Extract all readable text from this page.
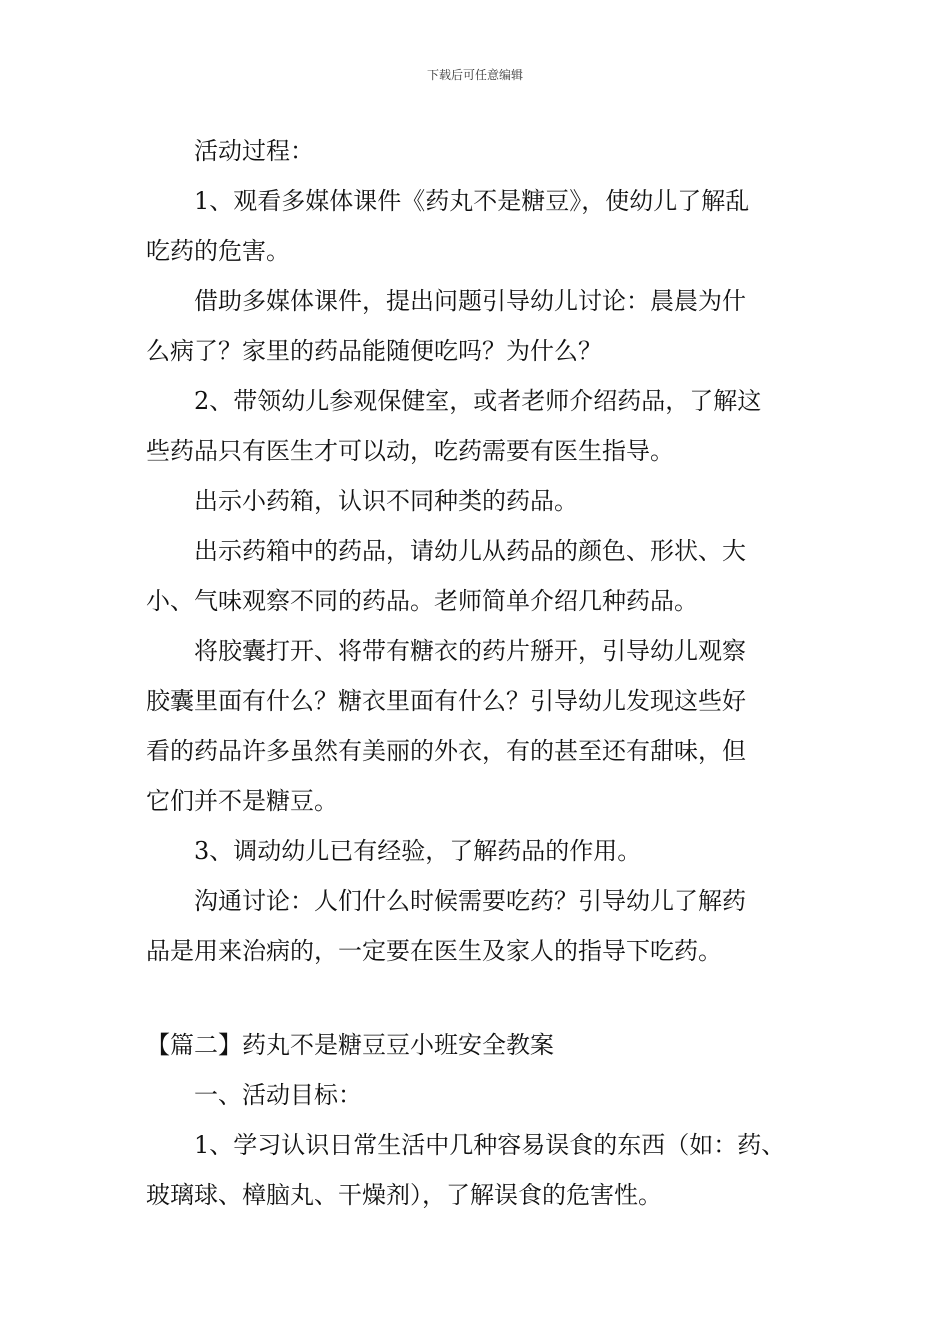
下载后可任意编辑

活动过程：

1、观看多媒体课件《药丸不是糖豆》，使幼儿了解乱
吃药的危害。

借助多媒体课件，提出问题引导幼儿讨论：晨晨为什
么病了？家里的药品能随便吃吗？为什么？

2、带领幼儿参观保健室，或者老师介绍药品，了解这
些药品只有医生才可以动，吃药需要有医生指导。

出示小药箱，认识不同种类的药品。

出示药箱中的药品，请幼儿从药品的颜色、形状、大
小、气味观察不同的药品。老师简单介绍几种药品。

将胶囊打开、将带有糖衣的药片掰开，引导幼儿观察
胶囊里面有什么？糖衣里面有什么？引导幼儿发现这些好
看的药品许多虽然有美丽的外衣，有的甚至还有甜味，但
它们并不是糖豆。

3、调动幼儿已有经验，了解药品的作用。

沟通讨论：人们什么时候需要吃药？引导幼儿了解药
品是用来治病的，一定要在医生及家人的指导下吃药。

【篇二】药丸不是糖豆豆小班安全教案

一、活动目标：

1、学习认识日常生活中几种容易误食的东西（如：药、
玻璃球、樟脑丸、干燥剂），了解误食的危害性。
